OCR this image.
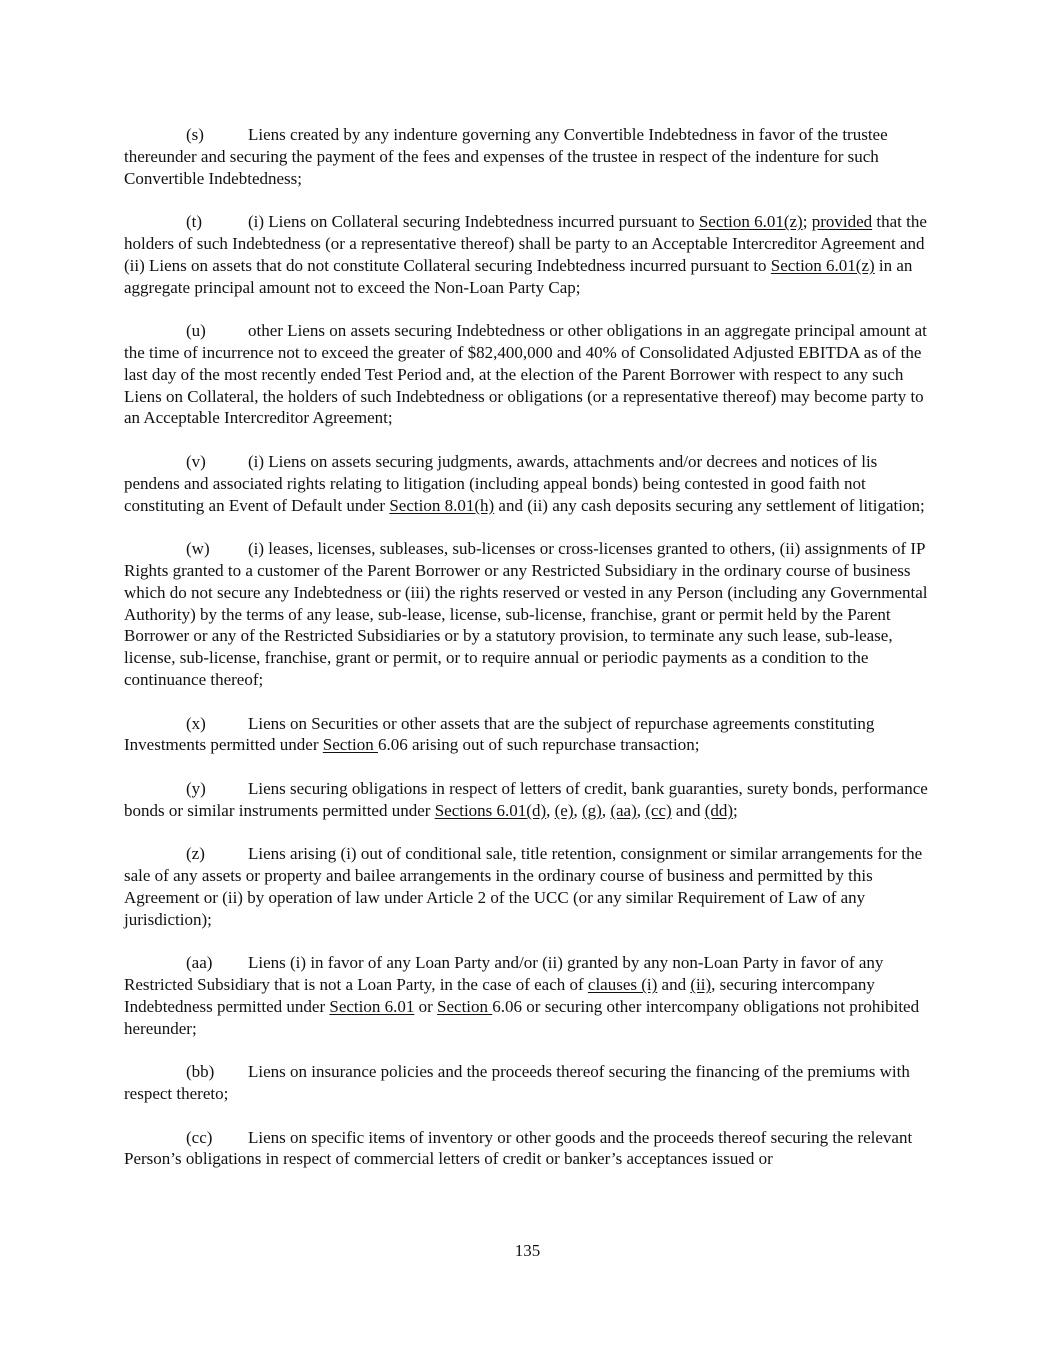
(s)	Liens created by any indenture governing any Convertible Indebtedness in favor of the trustee thereunder and securing the payment of the fees and expenses of the trustee in respect of the indenture for such Convertible Indebtedness;

(t)	(i) Liens on Collateral securing Indebtedness incurred pursuant to Section 6.01(z); provided that the holders of such Indebtedness (or a representative thereof) shall be party to an Acceptable Intercreditor Agreement and (ii) Liens on assets that do not constitute Collateral securing Indebtedness incurred pursuant to Section 6.01(z) in an aggregate principal amount not to exceed the Non-Loan Party Cap;

(u) other Liens on assets securing Indebtedness or other obligations in an aggregate principal amount at the time of incurrence not to exceed the greater of $82,400,000 and 40% of Consolidated Adjusted EBITDA as of the last day of the most recently ended Test Period and, at the election of the Parent Borrower with respect to any such Liens on Collateral, the holders of such Indebtedness or obligations (or a representative thereof) may become party to an Acceptable Intercreditor Agreement;

(v) (i) Liens on assets securing judgments, awards, attachments and/or decrees and notices of lis pendens and associated rights relating to litigation (including appeal bonds) being contested in good faith not constituting an Event of Default under Section 8.01(h) and (ii) any cash deposits securing any settlement of litigation;

(w) (i) leases, licenses, subleases, sub-licenses or cross-licenses granted to others, (ii) assignments of IP Rights granted to a customer of the Parent Borrower or any Restricted Subsidiary in the ordinary course of business which do not secure any Indebtedness or (iii) the rights reserved or vested in any Person (including any Governmental Authority) by the terms of any lease, sub-lease, license, sub-license, franchise, grant or permit held by the Parent Borrower or any of the Restricted Subsidiaries or by a statutory provision, to terminate any such lease, sub-lease, license, sub-license, franchise, grant or permit, or to require annual or periodic payments as a condition to the continuance thereof;

(x) Liens on Securities or other assets that are the subject of repurchase agreements constituting Investments permitted under Section 6.06 arising out of such repurchase transaction;

(y) Liens securing obligations in respect of letters of credit, bank guaranties, surety bonds, performance bonds or similar instruments permitted under Sections 6.01(d), (e), (g), (aa), (cc) and (dd);

(z)	Liens arising (i) out of conditional sale, title retention, consignment or similar arrangements for the sale of any assets or property and bailee arrangements in the ordinary course of business and permitted by this Agreement or (ii) by operation of law under Article 2 of the UCC (or any similar Requirement of Law of any jurisdiction);

(aa) Liens (i) in favor of any Loan Party and/or (ii) granted by any non-Loan Party in favor of any Restricted Subsidiary that is not a Loan Party, in the case of each of clauses (i) and (ii), securing intercompany Indebtedness permitted under Section 6.01 or Section 6.06 or securing other intercompany obligations not prohibited hereunder;

(bb) Liens on insurance policies and the proceeds thereof securing the financing of the premiums with respect thereto;

(cc) Liens on specific items of inventory or other goods and the proceeds thereof securing the relevant Person’s obligations in respect of commercial letters of credit or banker’s acceptances issued or

135
